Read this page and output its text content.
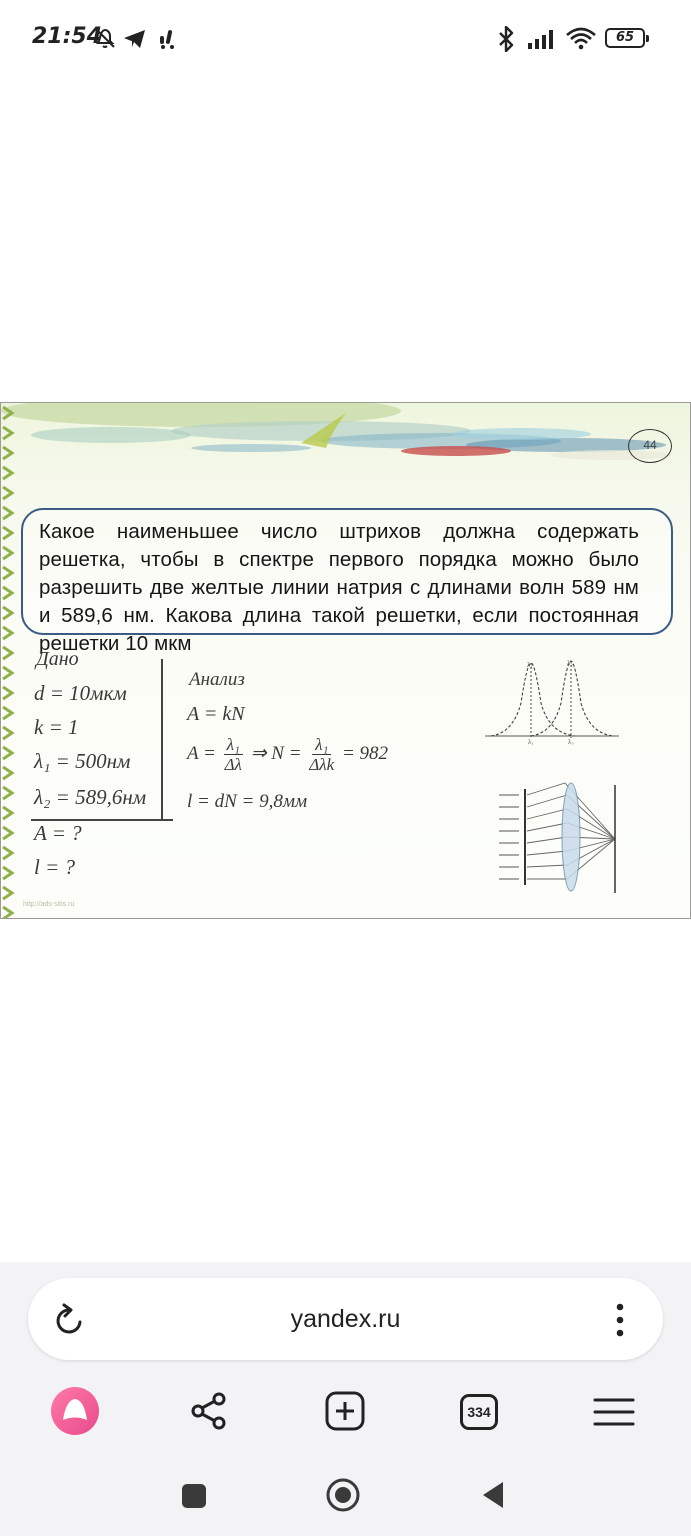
21:54	65
44
Какое наименьшее число штрихов должна содержать решетка, чтобы в спектре первого порядка можно было разрешить две желтые линии натрия с длинами волн 589 нм и 589,6 нм. Какова длина такой решетки, если постоянная решетки 10 мкм
Дано
d = 10мкм
k = 1
λ₁ = 500нм
λ₂ = 589,6нм
A = ?
l = ?
Анализ
A = kN
$A = \frac{\text{λ₁}}{\Delta\lambda}$ ⇒ $N = \frac{\text{λ₁}}{\text{Δλk}} = 982$
l = dN = 9,8мм
λ₁	λ₂
λ₁	λ₂
http://ads-sitis.ru
yandex.ru
334
